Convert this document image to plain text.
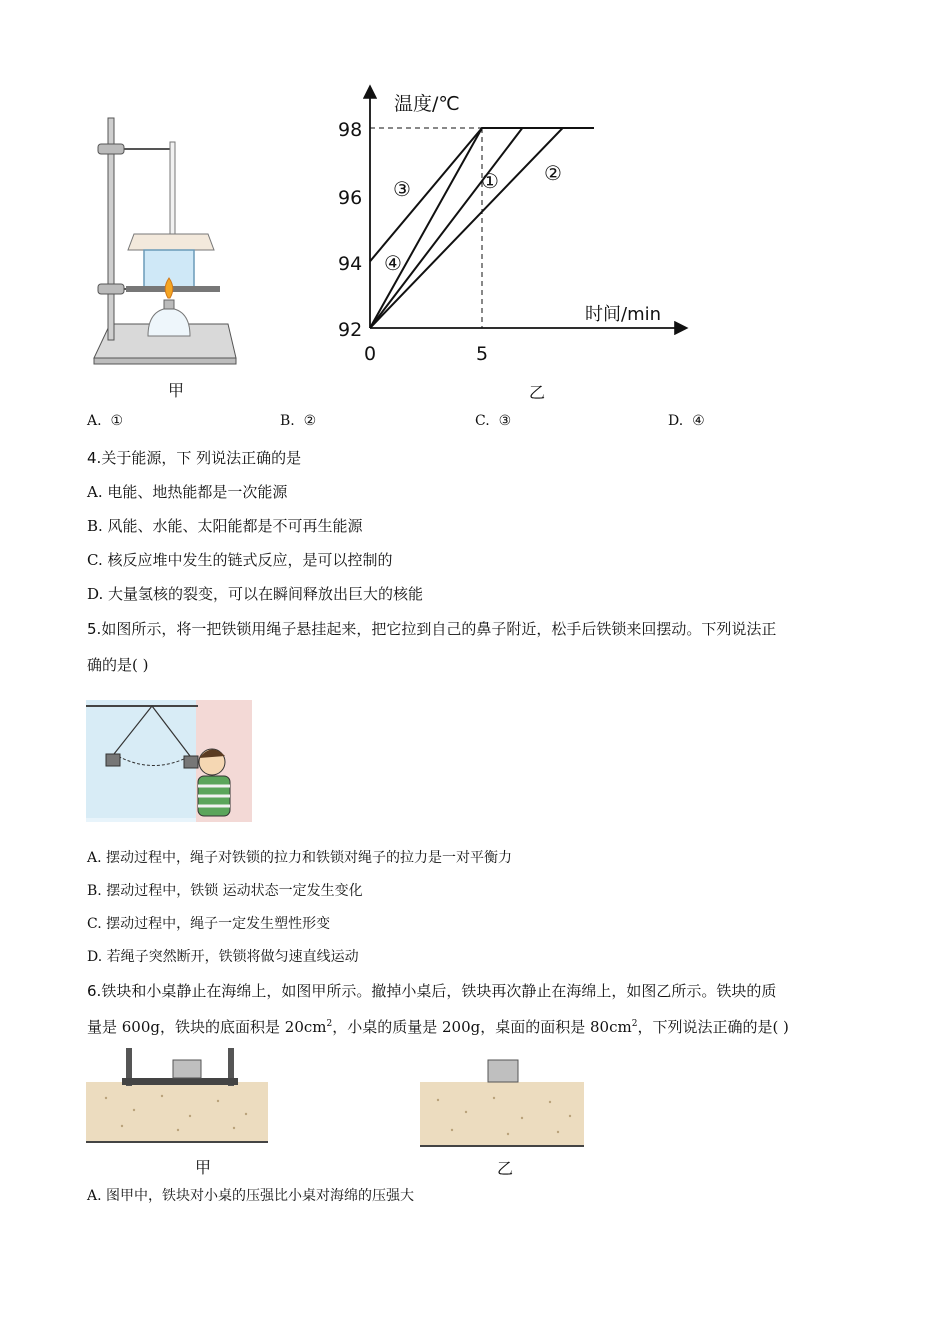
甲
温度/℃
时间/min
0	5
98
96
94
92
① ②
③
④
乙
A. ①	B. ②	C. ③	D. ④
4.关于能源，下 列说法正确的是
A. 电能、地热能都是一次能源
B. 风能、水能、太阳能都是不可再生能源
C. 核反应堆中发生的链式反应，是可以控制的
D. 大量氢核的裂变，可以在瞬间释放出巨大的核能
5.如图所示，将一把铁锁用绳子悬挂起来，把它拉到自己的鼻子附近，松手后铁锁来回摆动。下列说法正
确的是( )
A. 摆动过程中，绳子对铁锁的拉力和铁锁对绳子的拉力是一对平衡力
B. 摆动过程中，铁锁 运动状态一定发生变化
C. 摆动过程中，绳子一定发生塑性形变
D. 若绳子突然断开，铁锁将做匀速直线运动
6.铁块和小桌静止在海绵上，如图甲所示。撤掉小桌后，铁块再次静止在海绵上，如图乙所示。铁块的质
量是 600g，铁块的底面积是 $20cm^2$，小桌的质量是 200g，桌面的面积是 $80cm^2$，下列说法正确的是( )
甲	乙
A. 图甲中，铁块对小桌的压强比小桌对海绵的压强大
